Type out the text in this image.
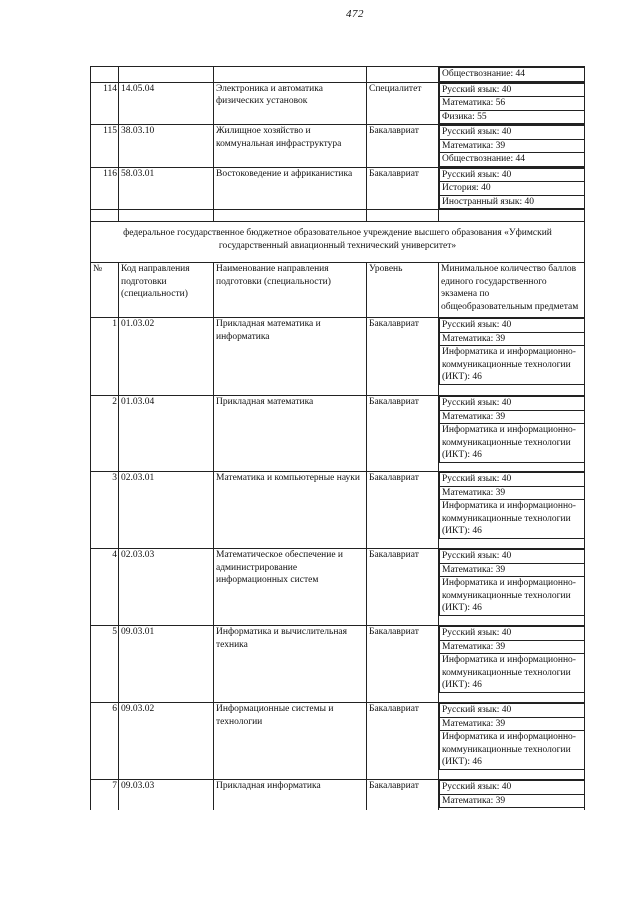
472

				Обществознание: 44

114	14.05.04	Электроника и автоматика физических установок	Специалитет	Русский язык: 40
Математика: 56
Физика: 55

115	38.03.10	Жилищное хозяйство и коммунальная инфраструктура	Бакалавриат	Русский язык: 40
Математика: 39
Обществознание: 44

116	58.03.01	Востоковедение и африканистика	Бакалавриат	Русский язык: 40
История: 40
Иностранный язык: 40

федеральное государственное бюджетное образовательное учреждение высшего образования «Уфимский государственный авиационный технический университет»				
№	Код направления подготовки (специальности)	Наименование направления подготовки (специальности)	Уровень	Минимальное количество баллов единого государственного экзамена по общеобразовательным предметам
1	01.03.02	Прикладная математика и информатика	Бакалавриат	Русский язык: 40
Математика: 39
Информатика и информационно-коммуникационные технологии (ИКТ): 46

2	01.03.04	Прикладная математика	Бакалавриат	Русский язык: 40
Математика: 39
Информатика и информационно-коммуникационные технологии (ИКТ): 46

3	02.03.01	Математика и компьютерные науки	Бакалавриат	Русский язык: 40
Математика: 39
Информатика и информационно-коммуникационные технологии (ИКТ): 46

4	02.03.03	Математическое обеспечение и администрирование информационных систем	Бакалавриат	Русский язык: 40
Математика: 39
Информатика и информационно-коммуникационные технологии (ИКТ): 46

5	09.03.01	Информатика и вычислительная техника	Бакалавриат	Русский язык: 40
Математика: 39
Информатика и информационно-коммуникационные технологии (ИКТ): 46

6	09.03.02	Информационные системы и технологии	Бакалавриат	Русский язык: 40
Математика: 39
Информатика и информационно-коммуникационные технологии (ИКТ): 46

7	09.03.03	Прикладная информатика	Бакалавриат	Русский язык: 40
Математика: 39
